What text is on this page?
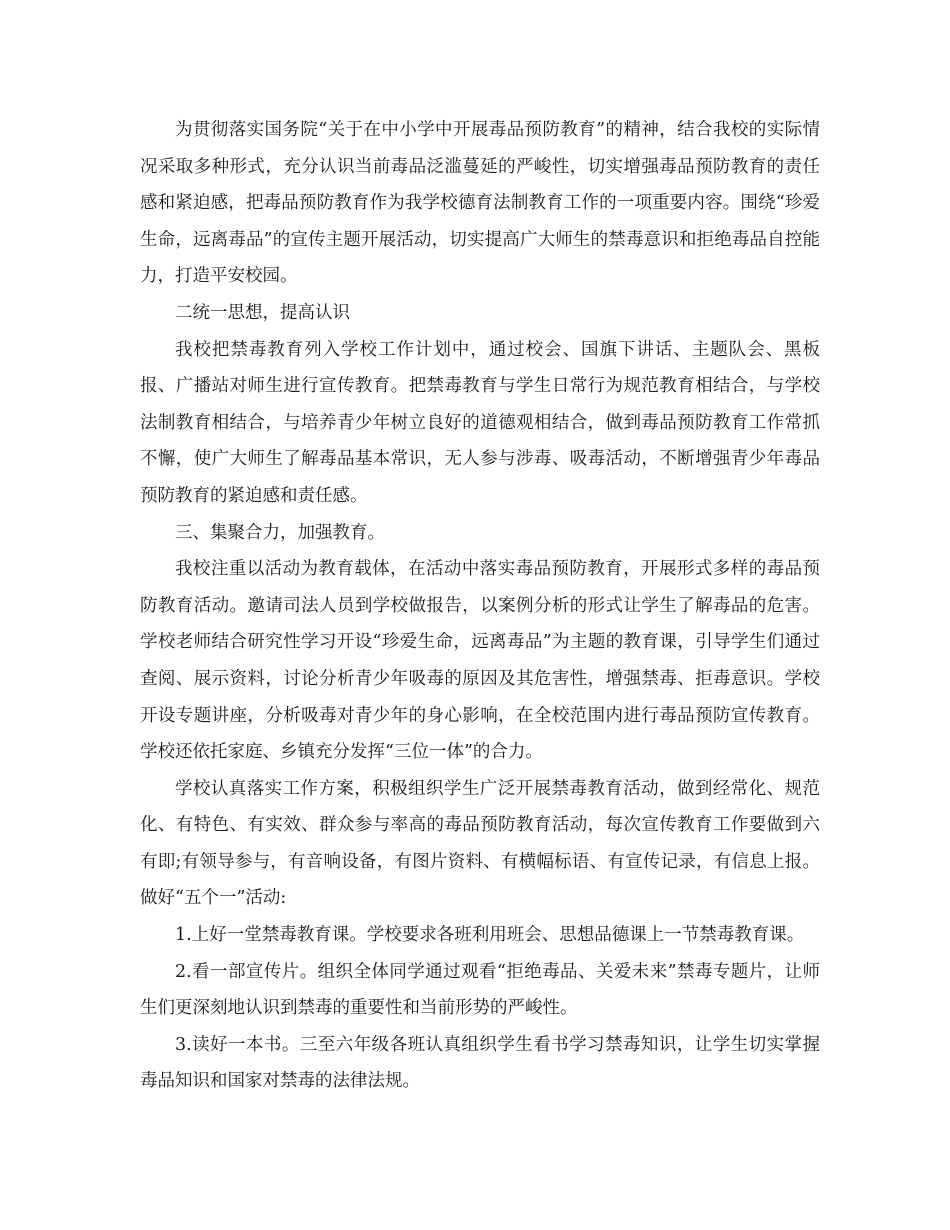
为贯彻落实国务院“关于在中小学中开展毒品预防教育”的精神，结合我校的实际情况采取多种形式，充分认识当前毒品泛滥蔓延的严峻性，切实增强毒品预防教育的责任感和紧迫感，把毒品预防教育作为我学校德育法制教育工作的一项重要内容。围绕“珍爱生命，远离毒品”的宣传主题开展活动，切实提高广大师生的禁毒意识和拒绝毒品自控能力，打造平安校园。

二统一思想，提高认识

我校把禁毒教育列入学校工作计划中，通过校会、国旗下讲话、主题队会、黑板报、广播站对师生进行宣传教育。把禁毒教育与学生日常行为规范教育相结合，与学校法制教育相结合，与培养青少年树立良好的道德观相结合，做到毒品预防教育工作常抓不懈，使广大师生了解毒品基本常识，无人参与涉毒、吸毒活动，不断增强青少年毒品预防教育的紧迫感和责任感。

三、集聚合力，加强教育。

我校注重以活动为教育载体，在活动中落实毒品预防教育，开展形式多样的毒品预防教育活动。邀请司法人员到学校做报告，以案例分析的形式让学生了解毒品的危害。学校老师结合研究性学习开设“珍爱生命，远离毒品”为主题的教育课，引导学生们通过查阅、展示资料，讨论分析青少年吸毒的原因及其危害性，增强禁毒、拒毒意识。学校开设专题讲座，分析吸毒对青少年的身心影响，在全校范围内进行毒品预防宣传教育。学校还依托家庭、乡镇充分发挥“三位一体”的合力。

学校认真落实工作方案，积极组织学生广泛开展禁毒教育活动，做到经常化、规范化、有特色、有实效、群众参与率高的毒品预防教育活动，每次宣传教育工作要做到六有即;有领导参与，有音响设备，有图片资料、有横幅标语、有宣传记录，有信息上报。做好“五个一”活动:

1.上好一堂禁毒教育课。学校要求各班利用班会、思想品德课上一节禁毒教育课。

2.看一部宣传片。组织全体同学通过观看“拒绝毒品、关爱未来”禁毒专题片，让师生们更深刻地认识到禁毒的重要性和当前形势的严峻性。

3.读好一本书。三至六年级各班认真组织学生看书学习禁毒知识，让学生切实掌握毒品知识和国家对禁毒的法律法规。
